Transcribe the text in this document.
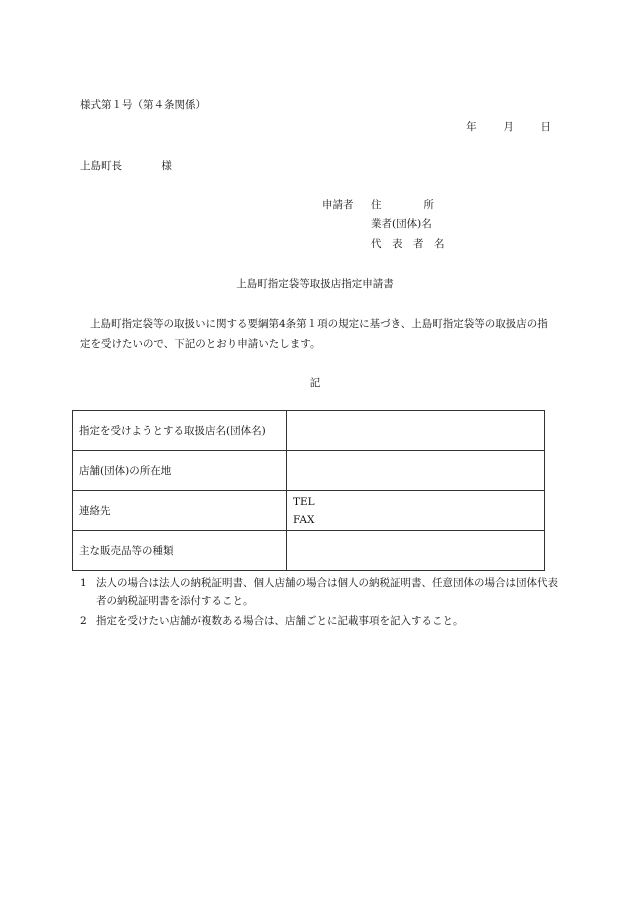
様式第１号（第４条関係）
年	月	日
上島町長	様
申請者 住　　　　所
業者(団体)名
代　表　者　名
上島町指定袋等取扱店指定申請書
上島町指定袋等の取扱いに関する要綱第4条第１項の規定に基づき、上島町指定袋等の取扱店の指定を受けたいので、下記のとおり申請いたします。
記
指定を受けようとする取扱店名(団体名)	
店舗(団体)の所在地	
連絡先	TEL
FAX

主な販売品等の種類	
1 法人の場合は法人の納税証明書、個人店舗の場合は個人の納税証明書、任意団体の場合は団体代表者の納税証明書を添付すること。
2 指定を受けたい店舗が複数ある場合は、店舗ごとに記載事項を記入すること。
